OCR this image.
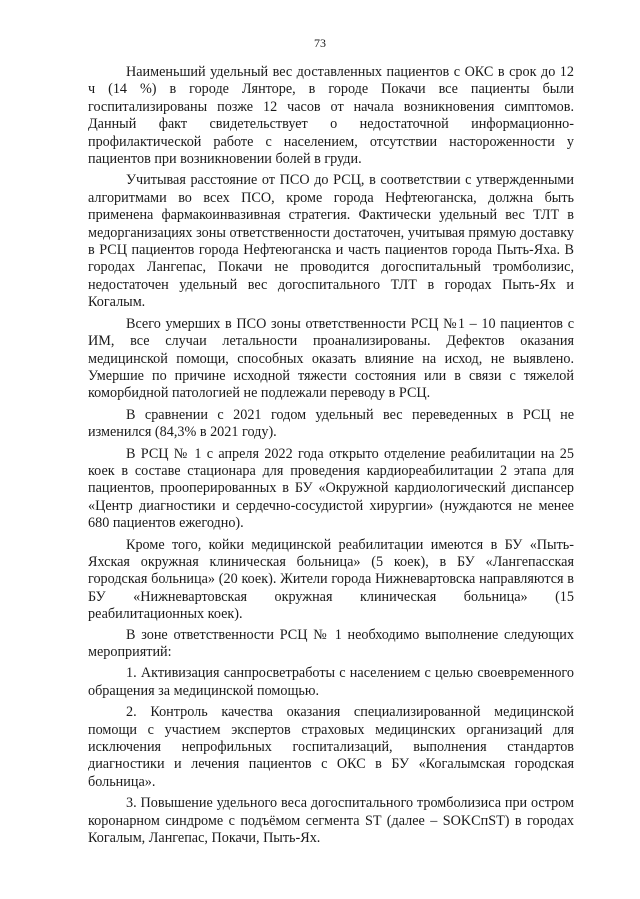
73

Наименьший удельный вес доставленных пациентов с ОКС в срок до 12 ч (14 %) в городе Лянторе, в городе Покачи все пациенты были госпитализированы позже 12 часов от начала возникновения симптомов. Данный факт свидетельствует о недостаточной информационно-профилактической работе с населением, отсутствии настороженности у пациентов при возникновении болей в груди.

Учитывая расстояние от ПСО до РСЦ, в соответствии с утвержденными алгоритмами во всех ПСО, кроме города Нефтеюганска, должна быть применена фармакоинвазивная стратегия. Фактически удельный вес ТЛТ в медорганизациях зоны ответственности достаточен, учитывая прямую доставку в РСЦ пациентов города Нефтеюганска и часть пациентов города Пыть-Яха. В городах Лангепас, Покачи не проводится догоспитальный тромболизис, недостаточен удельный вес догоспитального ТЛТ в городах Пыть-Ях и Когалым.

Всего умерших в ПСО зоны ответственности РСЦ №1 – 10 пациентов с ИМ, все случаи летальности проанализированы. Дефектов оказания медицинской помощи, способных оказать влияние на исход, не выявлено. Умершие по причине исходной тяжести состояния или в связи с тяжелой коморбидной патологией не подлежали переводу в РСЦ.

В сравнении с 2021 годом удельный вес переведенных в РСЦ не изменился (84,3% в 2021 году).

В РСЦ № 1 с апреля 2022 года открыто отделение реабилитации на 25 коек в составе стационара для проведения кардиореабилитации 2 этапа для пациентов, прооперированных в БУ «Окружной кардиологический диспансер «Центр диагностики и сердечно-сосудистой хирургии» (нуждаются не менее 680 пациентов ежегодно).

Кроме того, койки медицинской реабилитации имеются в БУ «Пыть-Яхская окружная клиническая больница» (5 коек), в БУ «Лангепасская городская больница» (20 коек). Жители города Нижневартовска направляются в БУ «Нижневартовская окружная клиническая больница» (15 реабилитационных коек).

В зоне ответственности РСЦ № 1 необходимо выполнение следующих мероприятий:

1. Активизация санпросветработы с населением с целью своевременного обращения за медицинской помощью.

2. Контроль качества оказания специализированной медицинской помощи с участием экспертов страховых медицинских организаций для исключения непрофильных госпитализаций, выполнения стандартов диагностики и лечения пациентов с ОКС в БУ «Когалымская городская больница».

3. Повышение удельного веса догоспитального тромболизиса при остром коронарном синдроме с подъёмом сегмента ST (далее – SOKСпST) в городах Когалым, Лангепас, Покачи, Пыть-Ях.
